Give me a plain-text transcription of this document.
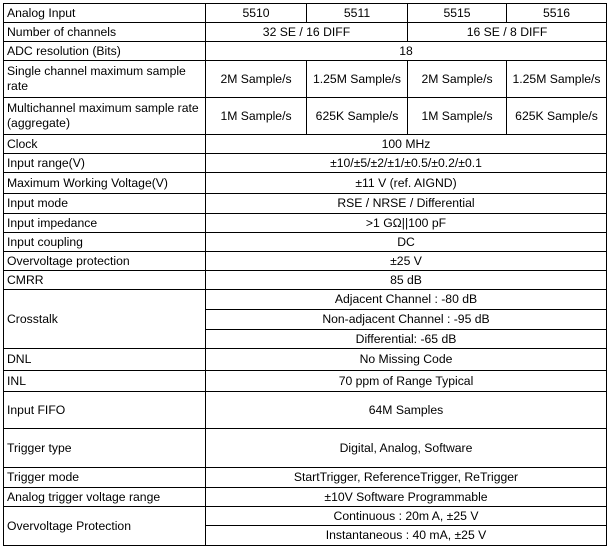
Analog Input	5510	5511	5515	5516
Number of channels	32 SE / 16 DIFF		16 SE / 8 DIFF	
ADC resolution (Bits)	18			
Single channel maximum sample rate	2M Sample/s	1.25M Sample/s	2M Sample/s	1.25M Sample/s
Multichannel maximum sample rate (aggregate)	1M Sample/s	625K Sample/s	1M Sample/s	625K Sample/s
Clock	100 MHz			
Input range(V)	±10/±5/±2/±1/±0.5/±0.2/±0.1			
Maximum Working Voltage(V)	±11 V (ref. AIGND)			
Input mode	RSE / NRSE / Differential			
Input impedance	>1 GΩ||100 pF			
Input coupling	DC			
Overvoltage protection	±25 V			
CMRR	85 dB			
Crosstalk	Adjacent Channel : -80 dB			
	Non-adjacent Channel : -95 dB			
	Differential: -65 dB			
DNL	No Missing Code			
INL	70 ppm of Range Typical			
Input FIFO	64M Samples			
Trigger type	Digital, Analog, Software			
Trigger mode	StartTrigger, ReferenceTrigger, ReTrigger			
Analog trigger voltage range	±10V Software Programmable			
Overvoltage Protection	Continuous : 20m A, ±25 V			
	Instantaneous : 40 mA, ±25 V			
